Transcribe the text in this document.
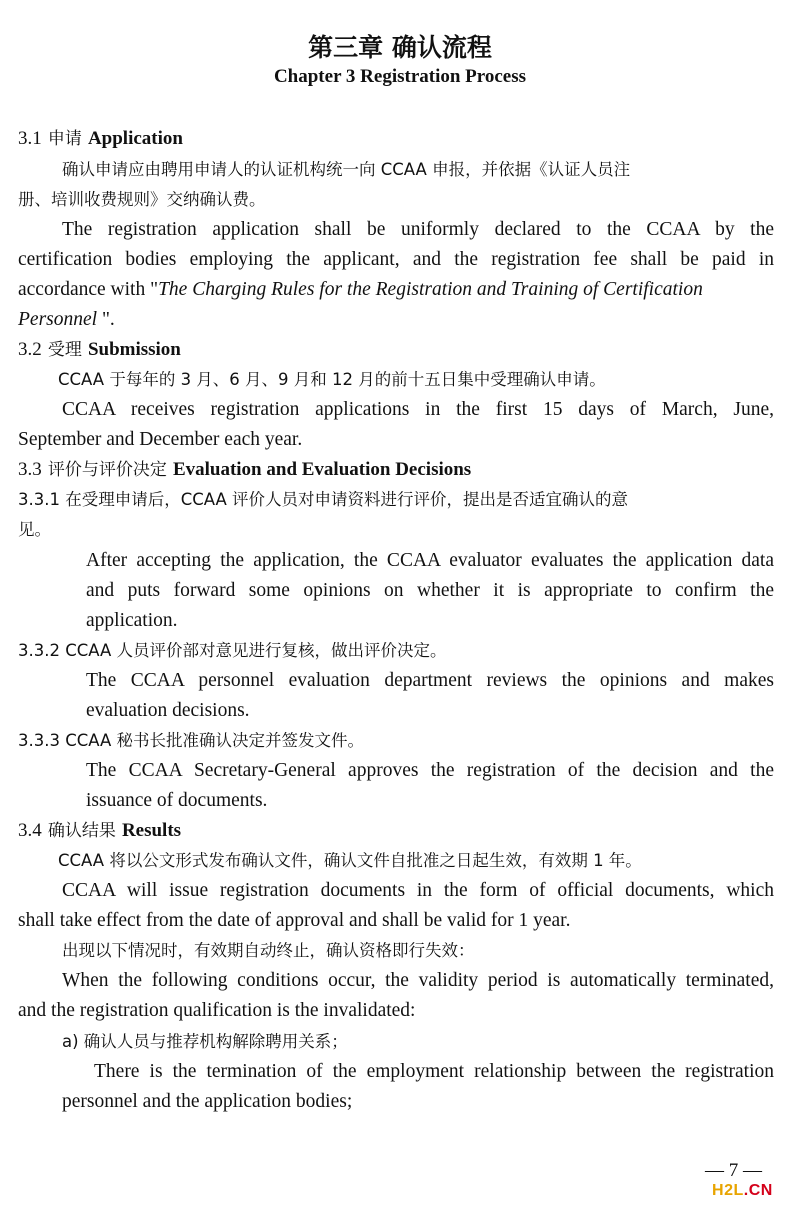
第三章 确认流程
Chapter 3 Registration Process
3.1 申请 Application
确认申请应由聘用申请人的认证机构统一向 CCAA 申报，并依据《认证人员注
册、培训收费规则》交纳确认费。
The registration application shall be uniformly declared to the CCAA by the
certification bodies employing the applicant, and the registration fee shall be paid in
accordance with "The Charging Rules for the Registration and Training of Certification
Personnel ".
3.2 受理 Submission
CCAA 于每年的 3 月、6 月、9 月和 12 月的前十五日集中受理确认申请。
CCAA receives registration applications in the first 15 days of March, June,
September and December each year.
3.3 评价与评价决定 Evaluation and Evaluation Decisions
3.3.1 在受理申请后，CCAA 评价人员对申请资料进行评价，提出是否适宜确认的意
见。
After accepting the application, the CCAA evaluator evaluates the application data
and puts forward some opinions on whether it is appropriate to confirm the
application.
3.3.2 CCAA 人员评价部对意见进行复核，做出评价决定。
The CCAA personnel evaluation department reviews the opinions and makes
evaluation decisions.
3.3.3 CCAA 秘书长批准确认决定并签发文件。
The CCAA Secretary-General approves the registration of the decision and the
issuance of documents.
3.4 确认结果 Results
CCAA 将以公文形式发布确认文件，确认文件自批准之日起生效，有效期 1 年。
CCAA will issue registration documents in the form of official documents, which
shall take effect from the date of approval and shall be valid for 1 year.
出现以下情况时，有效期自动终止，确认资格即行失效：
When the following conditions occur, the validity period is automatically terminated,
and the registration qualification is the invalidated:
a) 确认人员与推荐机构解除聘用关系；
There is the termination of the employment relationship between the registration
personnel and the application bodies;
— 7 —
H2L.CN
